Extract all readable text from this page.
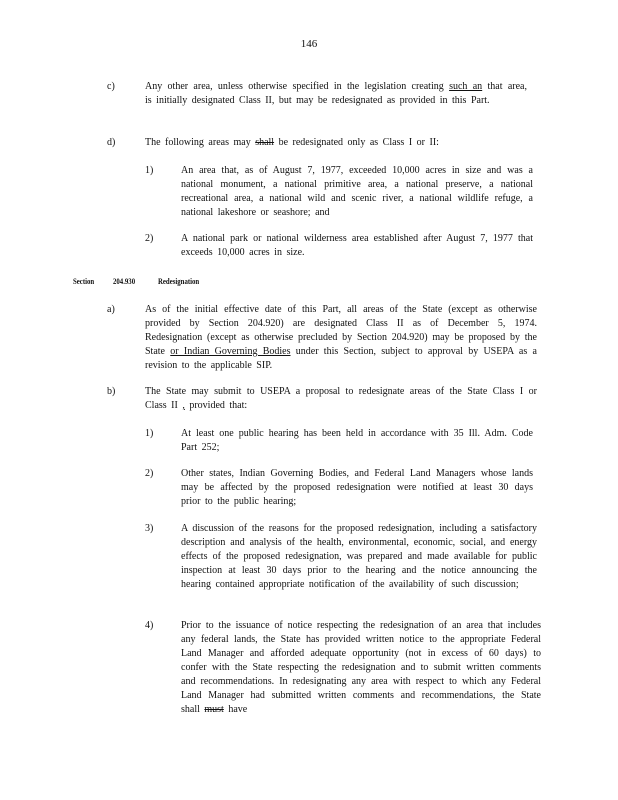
146
c)	Any other area, unless otherwise specified in the legislation creating such an that area, is initially designated Class II, but may be redesignated as provided in this Part.
d)	The following areas may shall be redesignated only as Class I or II:
1)	An area that, as of August 7, 1977, exceeded 10,000 acres in size and was a national monument, a national primitive area, a national preserve, a national recreational area, a national wild and scenic river, a national wildlife refuge, a national lakeshore or seashore; and
2)	A national park or national wilderness area established after August 7, 1977 that exceeds 10,000 acres in size.
Section 204.930	Redesignation
a)	As of the initial effective date of this Part, all areas of the State (except as otherwise provided by Section 204.920) are designated Class II as of December 5, 1974. Redesignation (except as otherwise precluded by Section 204.920) may be proposed by the State or Indian Governing Bodies under this Section, subject to approval by USEPA as a revision to the applicable SIP.
b)	The State may submit to USEPA a proposal to redesignate areas of the State Class I or Class II , provided that:
1)	At least one public hearing has been held in accordance with 35 Ill. Adm. Code Part 252;
2)	Other states, Indian Governing Bodies, and Federal Land Managers whose lands may be affected by the proposed redesignation were notified at least 30 days prior to the public hearing;
3)	A discussion of the reasons for the proposed redesignation, including a satisfactory description and analysis of the health, environmental, economic, social, and energy effects of the proposed redesignation, was prepared and made available for public inspection at least 30 days prior to the hearing and the notice announcing the hearing contained appropriate notification of the availability of such discussion;
4)	Prior to the issuance of notice respecting the redesignation of an area that includes any federal lands, the State has provided written notice to the appropriate Federal Land Manager and afforded adequate opportunity (not in excess of 60 days) to confer with the State respecting the redesignation and to submit written comments and recommendations. In redesignating any area with respect to which any Federal Land Manager had submitted written comments and recommendations, the State shall must have
